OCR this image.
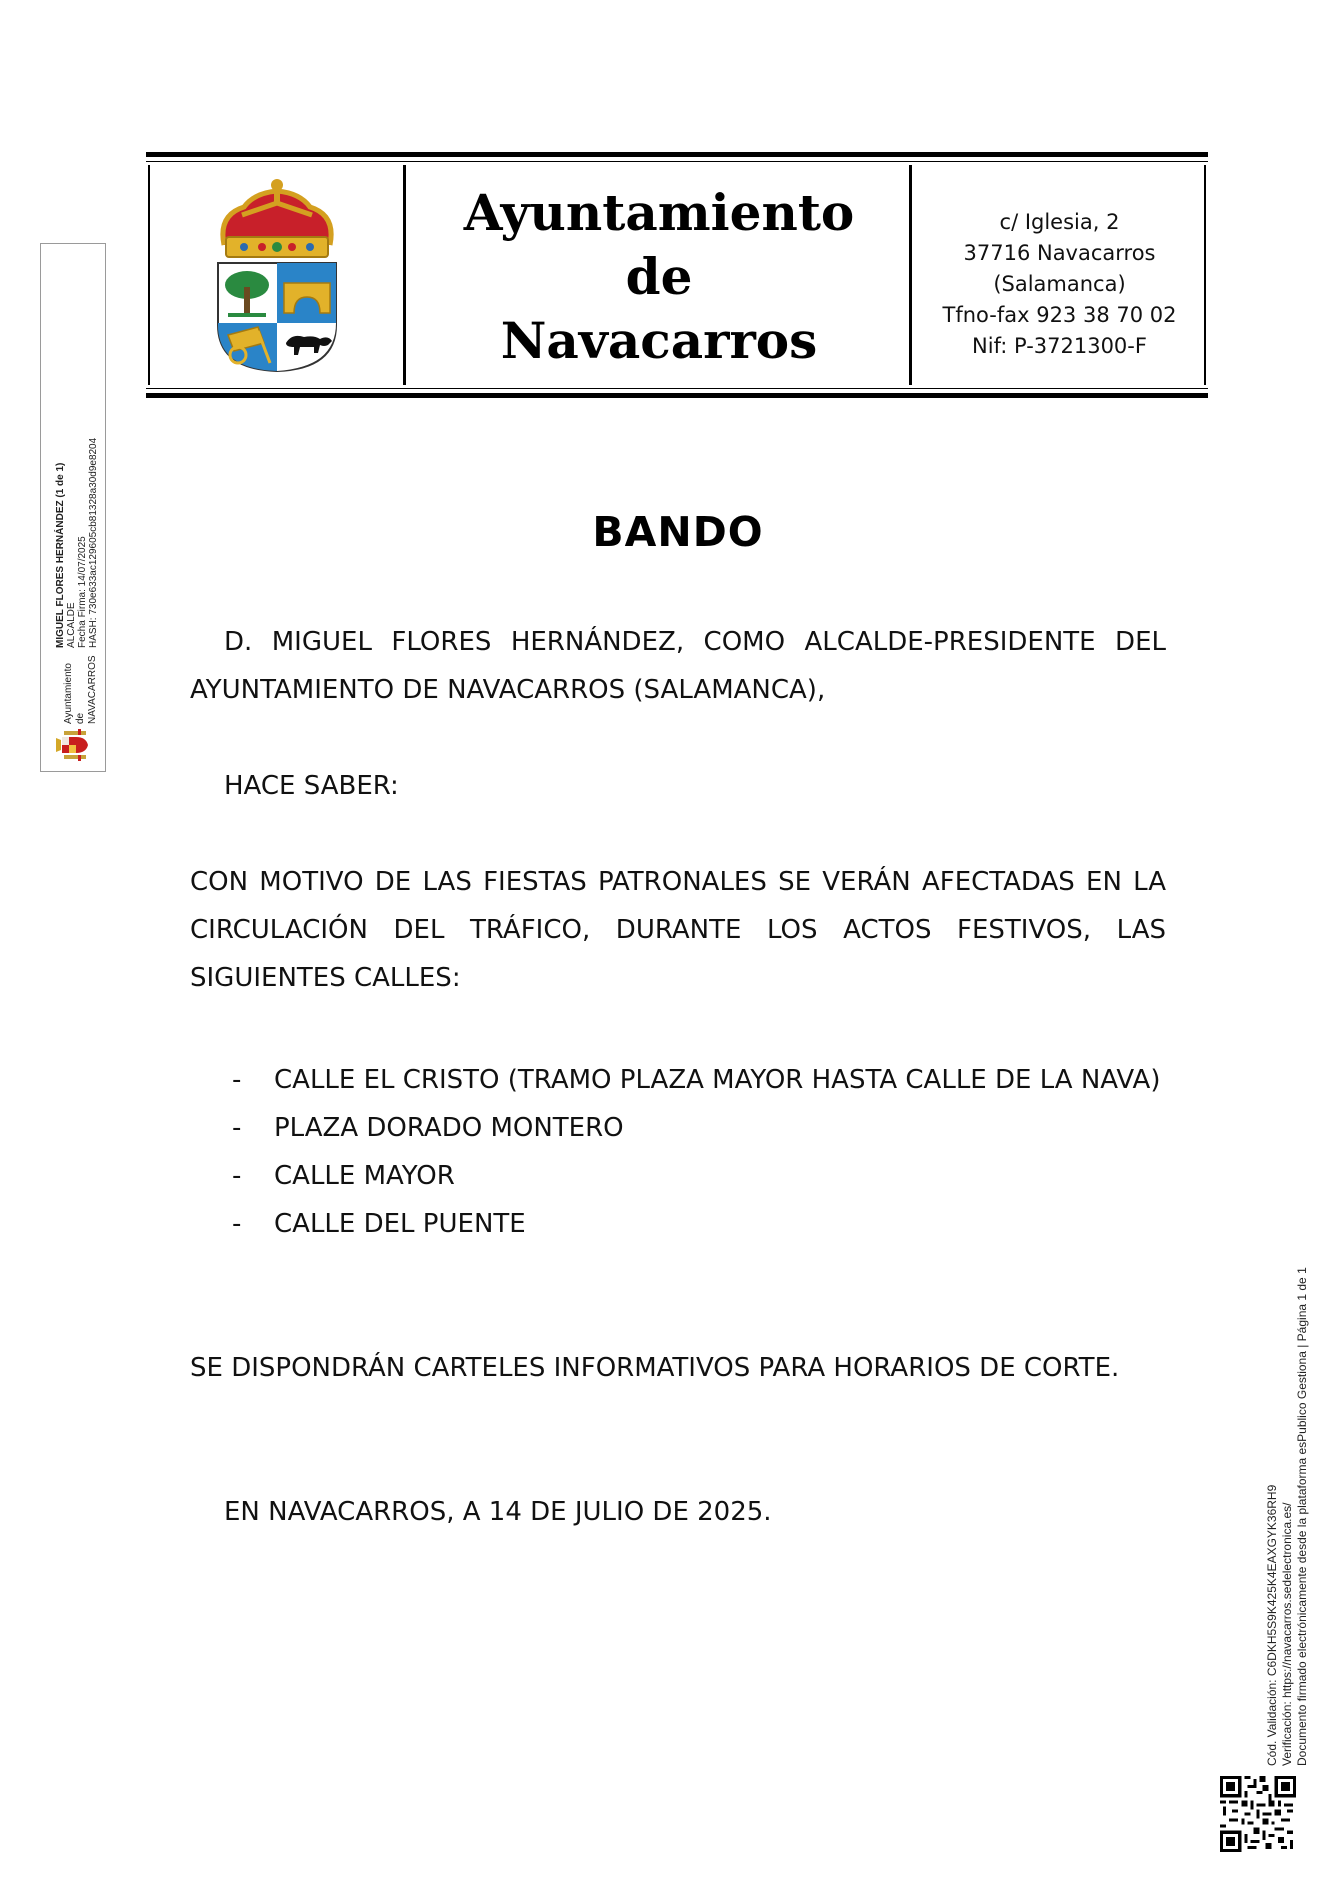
Ayuntamiento de NAVACARROS
MIGUEL FLORES HERNÁNDEZ (1 de 1) ALCALDE Fecha Firma: 14/07/2025 HASH: 730e633ac129605cb81328a30d9e8204
Ayuntamiento
de
Navacarros
c/ Iglesia, 2
37716 Navacarros
(Salamanca)
Tfno-fax 923 38 70 02
Nif: P-3721300-F
BANDO

D. MIGUEL FLORES HERNÁNDEZ, COMO ALCALDE-PRESIDENTE DEL AYUNTAMIENTO DE NAVACARROS (SALAMANCA),

HACE SABER:

CON MOTIVO DE LAS FIESTAS PATRONALES SE VERÁN AFECTADAS EN LA CIRCULACIÓN DEL TRÁFICO, DURANTE LOS ACTOS FESTIVOS, LAS SIGUIENTES CALLES:

- CALLE EL CRISTO (TRAMO PLAZA MAYOR HASTA CALLE DE LA NAVA)
- PLAZA DORADO MONTERO
- CALLE MAYOR
- CALLE DEL PUENTE

SE DISPONDRÁN CARTELES INFORMATIVOS PARA HORARIOS DE CORTE.

EN NAVACARROS, A 14 DE JULIO DE 2025.	Cód. Validación: C6DKH5S9K425K4EAXGYK36RH9 Verificación: https://navacarros.sedelectronica.es/ Documento firmado electrónicamente desde la plataforma esPublico Gestiona | Página 1 de 1
